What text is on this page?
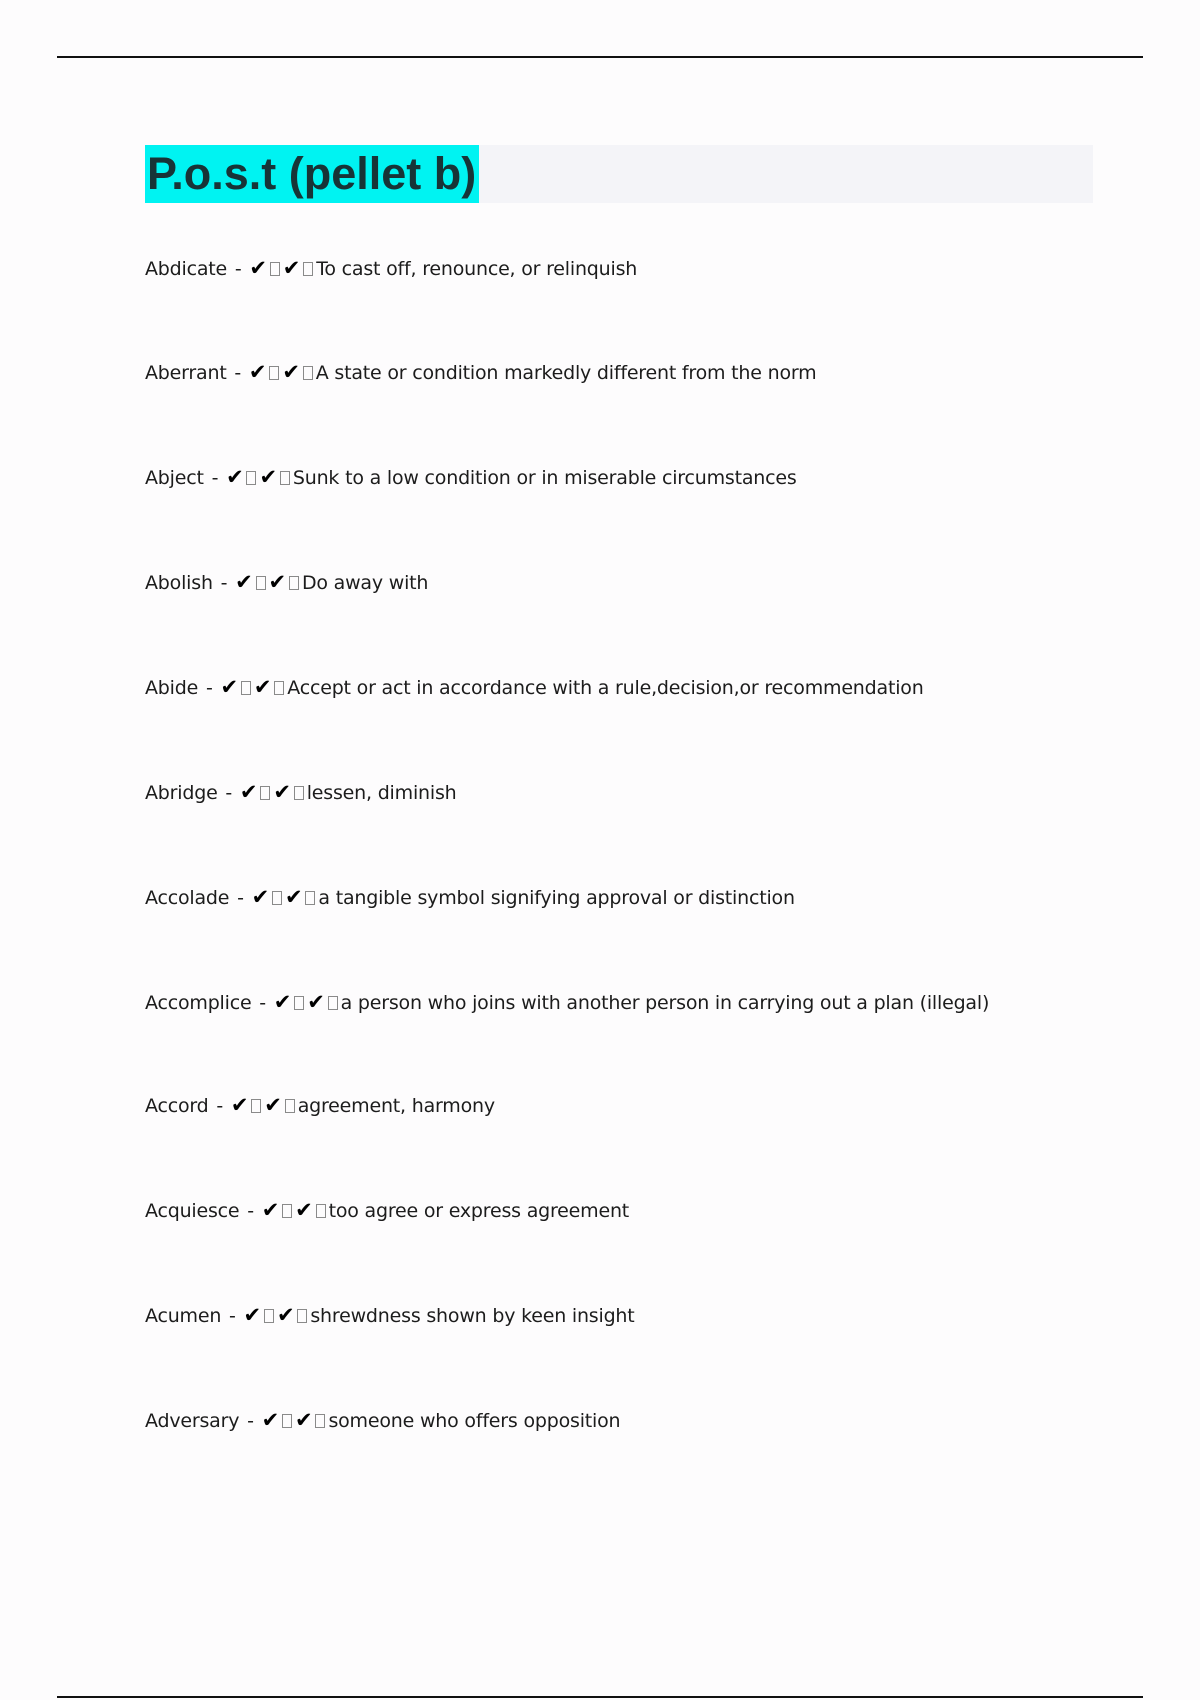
P.o.s.t (pellet b)
Abdicate - ✔ ✔ To cast off, renounce, or relinquish
Aberrant - ✔ ✔ A state or condition markedly different from the norm
Abject - ✔ ✔ Sunk to a low condition or in miserable circumstances
Abolish - ✔ ✔ Do away with
Abide - ✔ ✔ Accept or act in accordance with a rule,decision,or recommendation
Abridge - ✔ ✔ lessen, diminish
Accolade - ✔ ✔ a tangible symbol signifying approval or distinction
Accomplice - ✔ ✔ a person who joins with another person in carrying out a plan (illegal)
Accord - ✔ ✔ agreement, harmony
Acquiesce - ✔ ✔ too agree or express agreement
Acumen - ✔ ✔ shrewdness shown by keen insight
Adversary - ✔ ✔ someone who offers opposition
